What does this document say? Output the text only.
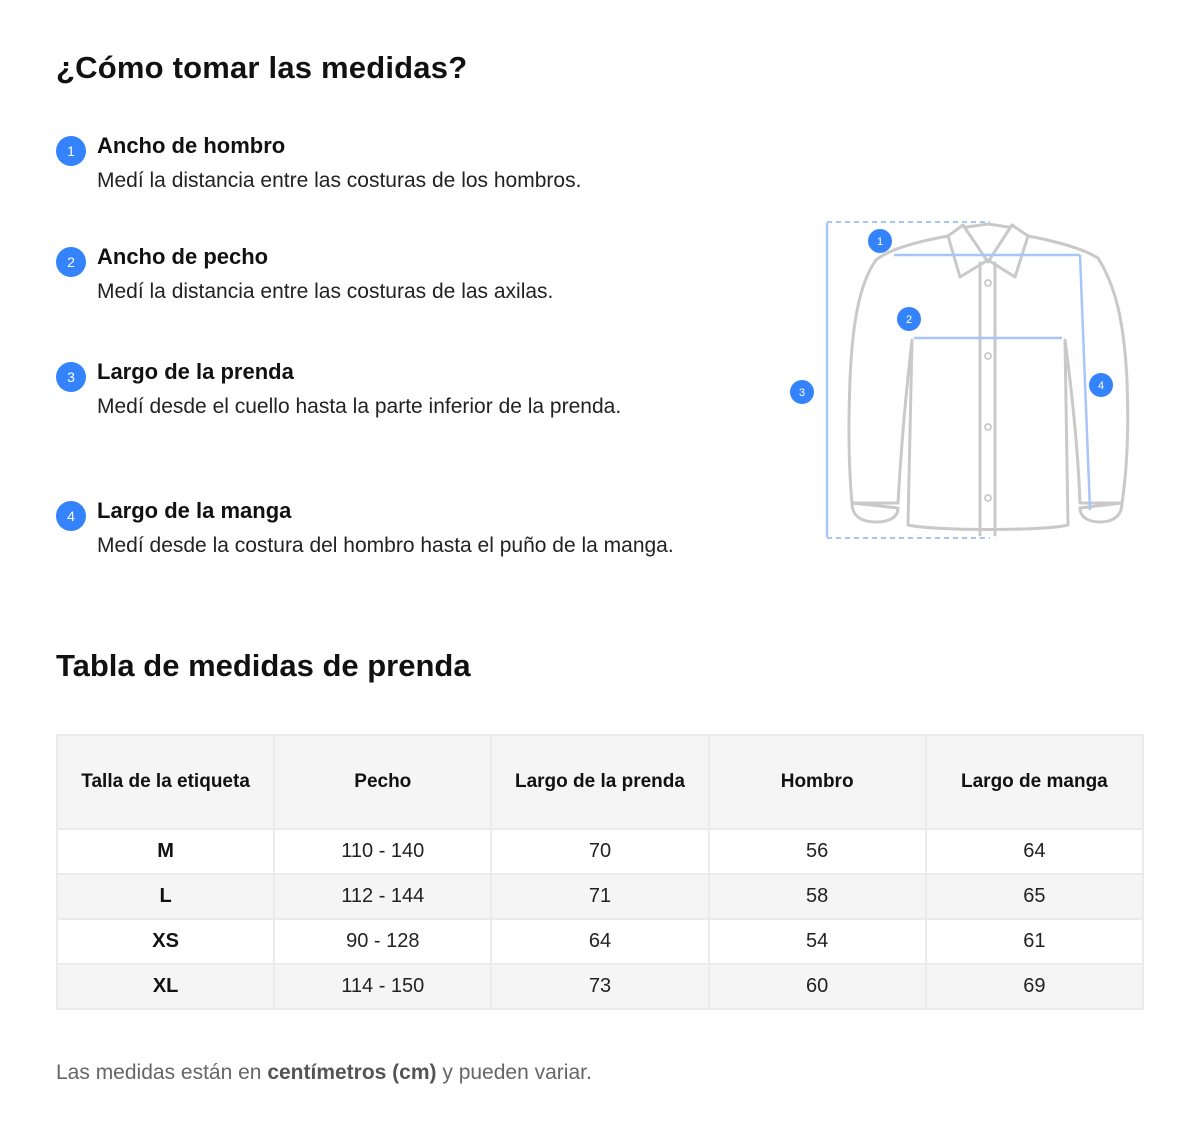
¿Cómo tomar las medidas?
1	Ancho de hombro
Medí la distancia entre las costuras de los hombros.
2	Ancho de pecho
Medí la distancia entre las costuras de las axilas.
3	Largo de la prenda
Medí desde el cuello hasta la parte inferior de la prenda.
4	Largo de la manga
Medí desde la costura del hombro hasta el puño de la manga.
1
2
3
4
Tabla de medidas de prenda
Talla de la etiqueta	Pecho	Largo de la prenda	Hombro	Largo de manga
M	110 - 140	70	56	64
L	112 - 144	71	58	65
XS	90 - 128	64	54	61
XL	114 - 150	73	60	69
Las medidas están en centímetros (cm) y pueden variar.
